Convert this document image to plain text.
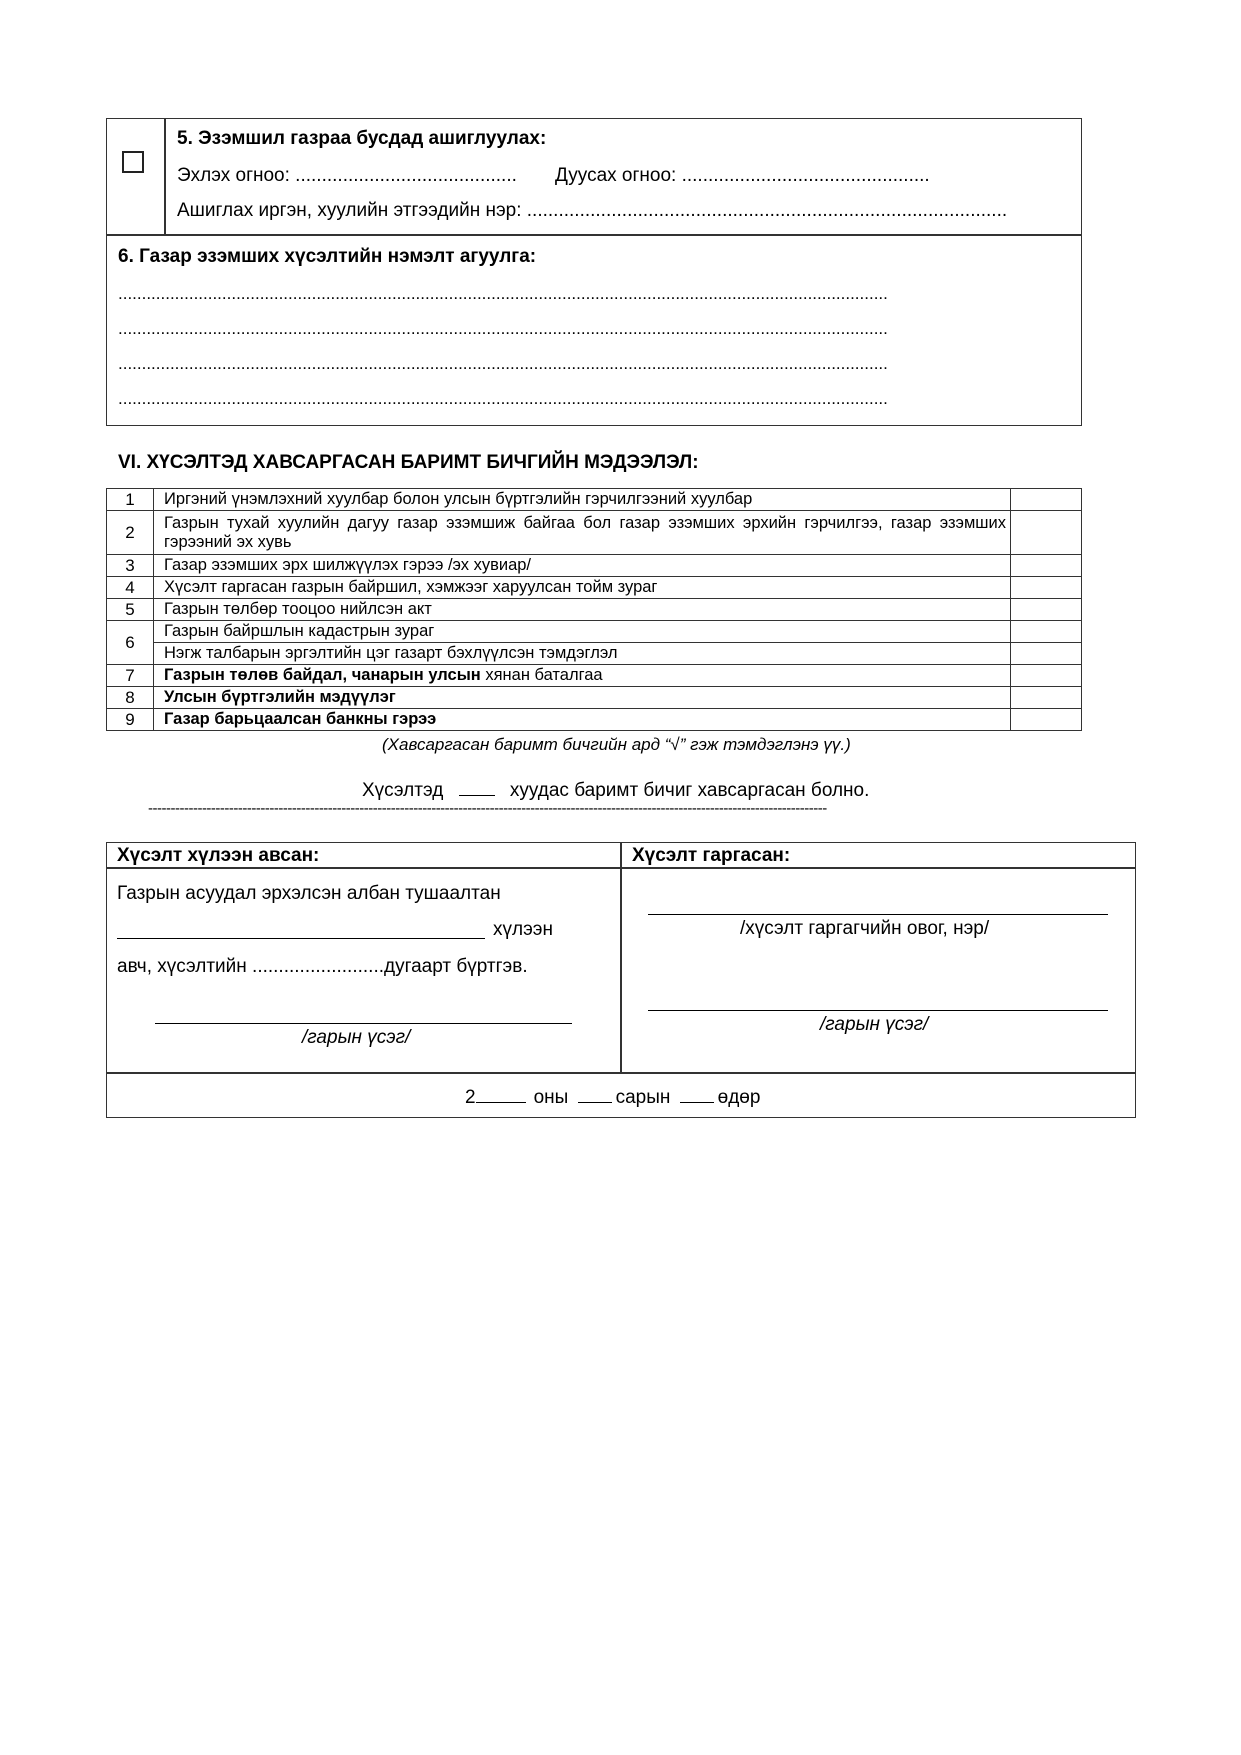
5. Эзэмшил газраа бусдад ашиглуулах:
Эхлэх огноо: .......................................... Дуусах огноо: ...............................................
Ашиглах иргэн, хуулийн этгээдийн нэр: ...........................................................................................
6. Газар эзэмших хүсэлтийн нэмэлт агуулга:
...................................................................................................................................................................
...................................................................................................................................................................
...................................................................................................................................................................
...................................................................................................................................................................
VI. ХҮСЭЛТЭД ХАВСАРГАСАН БАРИМТ БИЧГИЙН МЭДЭЭЛЭЛ:
1	Иргэний үнэмлэхний хуулбар болон улсын бүртгэлийн гэрчилгээний хуулбар	
2	Газрын тухай хуулийн дагуу газар эзэмшиж байгаа бол газар эзэмших эрхийн гэрчилгээ, газар эзэмших гэрээний эх хувь	
3	Газар эзэмших эрх шилжүүлэх гэрээ /эх хувиар/	
4	Хүсэлт гаргасан газрын байршил, хэмжээг харуулсан тойм зураг	
5	Газрын төлбөр тооцоо нийлсэн акт	
6	Газрын байршлын кадастрын зураг	
	Нэгж талбарын эргэлтийн цэг газарт бэхлүүлсэн тэмдэглэл	
7	Газрын төлөв байдал, чанарын улсын хянан баталгаа	
8	Улсын бүртгэлийн мэдүүлэг	
9	Газар барьцаалсан банкны гэрээ	
(Хавсаргасан баримт бичгийн ард “√” гэж тэмдэглэнэ үү.)
Хүсэлтэд	хуудас баримт бичиг хавсаргасан болно.
-------------------------------------------------------------------------------------------------------------------------------------------------------
Хүсэлт хүлээн авсан:	Хүсэлт гаргасан:
Газрын асуудал эрхэлсэн албан тушаалтан
хүлээн
авч, хүсэлтийн .........................дугаарт бүртгэв.
/гарын үсэг/
/хүсэлт гаргагчийн овог, нэр/
/гарын үсэг/
2	оны сарын өдөр
